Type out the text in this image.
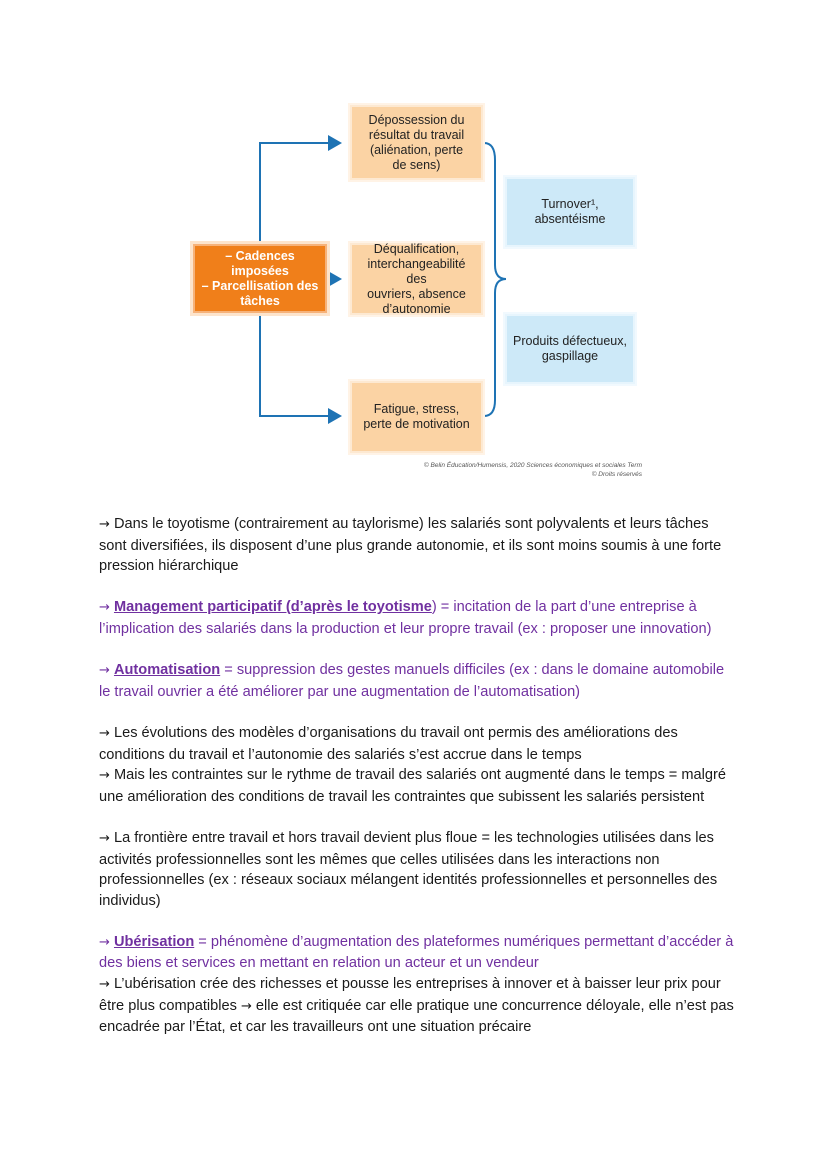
– Cadences imposées
– Parcellisation des
tâches
Dépossession du
résultat du travail
(aliénation, perte
de sens)
Déqualification,
interchangeabilité des
ouvriers, absence
d’autonomie
Fatigue, stress,
perte de motivation
Turnover¹,
absentéisme
Produits défectueux,
gaspillage
© Belin Éducation/Humensis, 2020 Sciences économiques et sociales Term
© Droits réservés

→ Dans le toyotisme (contrairement au taylorisme) les salariés sont polyvalents et leurs tâches sont diversifiées, ils disposent d’une plus grande autonomie, et ils sont moins soumis à une forte pression hiérarchique

→ Management participatif (d’après le toyotisme) = incitation de la part d’une entreprise à l’implication des salariés dans la production et leur propre travail (ex : proposer une innovation)

→ Automatisation = suppression des gestes manuels difficiles (ex : dans le domaine automobile le travail ouvrier a été améliorer par une augmentation de l’automatisation)

→ Les évolutions des modèles d’organisations du travail ont permis des améliorations des conditions du travail et l’autonomie des salariés s’est accrue dans le temps

→ Mais les contraintes sur le rythme de travail des salariés ont augmenté dans le temps = malgré une amélioration des conditions de travail les contraintes que subissent les salariés persistent

→ La frontière entre travail et hors travail devient plus floue = les technologies utilisées dans les activités professionnelles sont les mêmes que celles utilisées dans les interactions non professionnelles (ex : réseaux sociaux mélangent identités professionnelles et personnelles des individus)

→ Ubérisation = phénomène d’augmentation des plateformes numériques permettant d’accéder à des biens et services en mettant en relation un acteur et un vendeur

→ L’ubérisation crée des richesses et pousse les entreprises à innover et à baisser leur prix pour être plus compatibles → elle est critiquée car elle pratique une concurrence déloyale, elle n’est pas encadrée par l’État, et car les travailleurs ont une situation précaire
